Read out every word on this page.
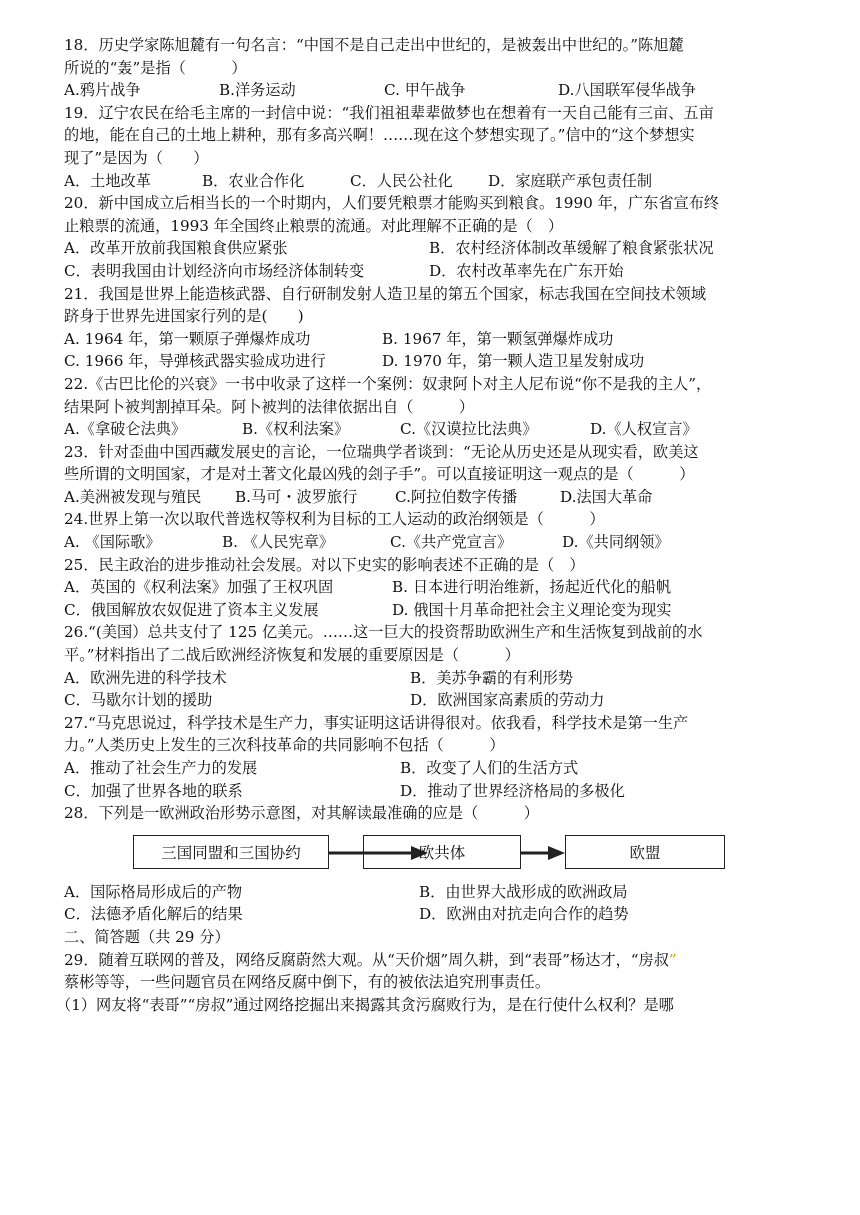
18．历史学家陈旭麓有一句名言：“中国不是自己走出中世纪的，是被轰出中世纪的。”陈旭麓
所说的“轰”是指（　　　）
A.鸦片战争	B.洋务运动	C. 甲午战争	D.八国联军侵华战争
19．辽宁农民在给毛主席的一封信中说：“我们祖祖辈辈做梦也在想着有一天自己能有三亩、五亩
的地，能在自己的土地上耕种，那有多高兴啊！……现在这个梦想实现了。”信中的“这个梦想实
现了”是因为（　　）
A．土地改革	B．农业合作化	C．人民公社化	D．家庭联产承包责任制
20．新中国成立后相当长的一个时期内，人们要凭粮票才能购买到粮食。1990 年，广东省宣布终
止粮票的流通，1993 年全国终止粮票的流通。对此理解不正确的是（　）
A．改革开放前我国粮食供应紧张	B．农村经济体制改革缓解了粮食紧张状况
C．表明我国由计划经济向市场经济体制转变	D．农村改革率先在广东开始
21．我国是世界上能造核武器、自行研制发射人造卫星的第五个国家，标志我国在空间技术领域
跻身于世界先进国家行列的是(　　)
A. 1964 年，第一颗原子弹爆炸成功	B. 1967 年，第一颗氢弹爆炸成功
C. 1966 年，导弹核武器实验成功进行	D. 1970 年，第一颗人造卫星发射成功
22.《古巴比伦的兴衰》一书中收录了这样一个案例：奴隶阿卜对主人尼布说“你不是我的主人”，
结果阿卜被判割掉耳朵。阿卜被判的法律依据出自（　　　）
A.《拿破仑法典》	B.《权利法案》	C.《汉谟拉比法典》	D.《人权宣言》
23．针对歪曲中国西藏发展史的言论，一位瑞典学者谈到：“无论从历史还是从现实看，欧美这
些所谓的文明国家，才是对土著文化最凶残的刽子手”。可以直接证明这一观点的是（　　　）
A.美洲被发现与殖民	B.马可・波罗旅行	C.阿拉伯数字传播	D.法国大革命
24.世界上第一次以取代普选权等权利为目标的工人运动的政治纲领是（　　　）
A. 《国际歌》	B. 《人民宪章》	C.《共产党宣言》	D.《共同纲领》
25．民主政治的进步推动社会发展。对以下史实的影响表述不正确的是（　）
A．英国的《权利法案》加强了王权巩固	B. 日本进行明治维新，扬起近代化的船帆
C．俄国解放农奴促进了资本主义发展	D. 俄国十月革命把社会主义理论变为现实
26.“(美国）总共支付了 125 亿美元。……这一巨大的投资帮助欧洲生产和生活恢复到战前的水
平。”材料指出了二战后欧洲经济恢复和发展的重要原因是（　　　）
A．欧洲先进的科学技术	B．美苏争霸的有利形势
C．马歇尔计划的援助	D．欧洲国家高素质的劳动力
27.“马克思说过，科学技术是生产力，事实证明这话讲得很对。依我看，科学技术是第一生产
力。”人类历史上发生的三次科技革命的共同影响不包括（　　　）
A．推动了社会生产力的发展	B．改变了人们的生活方式
C．加强了世界各地的联系	D．推动了世界经济格局的多极化
28．下列是一欧洲政治形势示意图，对其解读最准确的应是（　　　）
三国同盟和三国协约	欧共体	欧盟
A．国际格局形成后的产物	B．由世界大战形成的欧洲政局
C．法德矛盾化解后的结果	D．欧洲由对抗走向合作的趋势
二、简答题（共 29 分）
29．随着互联网的普及，网络反腐蔚然大观。从“天价烟”周久耕，到“表哥”杨达才，“房叔”
蔡彬等等，一些问题官员在网络反腐中倒下，有的被依法追究刑事责任。
（1）网友将“表哥”“房叔”通过网络挖掘出来揭露其贪污腐败行为，是在行使什么权利？是哪
